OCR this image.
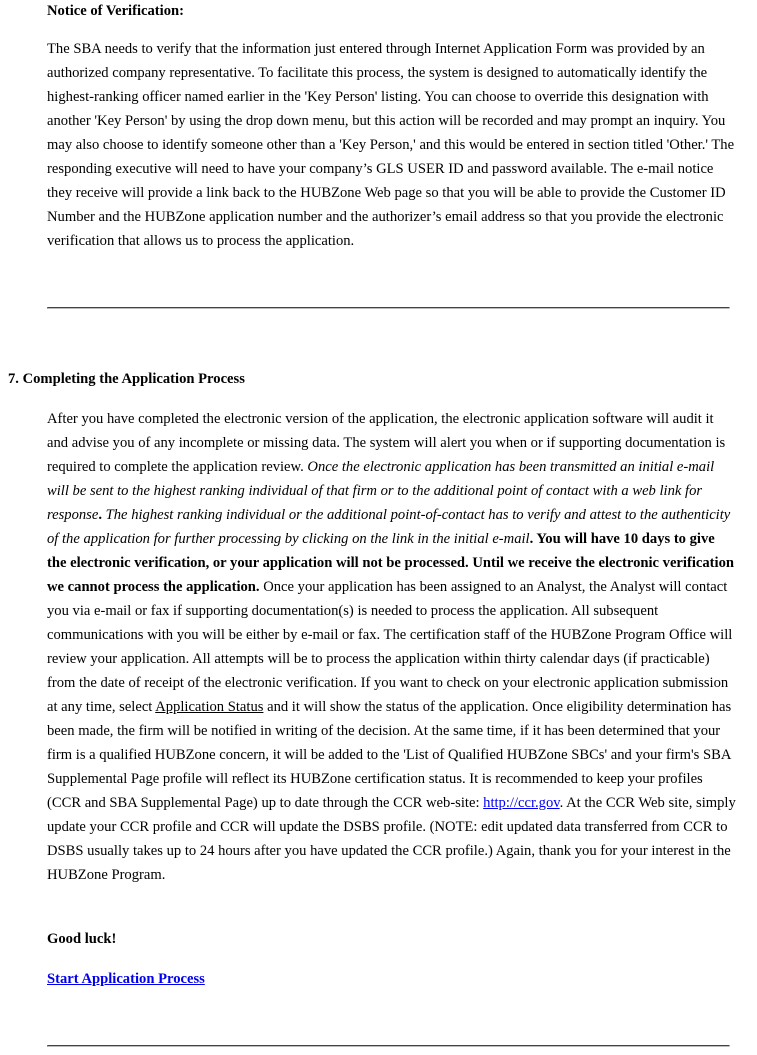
Notice of Verification:

The SBA needs to verify that the information just entered through Internet Application Form was provided by an authorized company representative. To facilitate this process, the system is designed to automatically identify the highest-ranking officer named earlier in the 'Key Person' listing. You can choose to override this designation with another 'Key Person' by using the drop down menu, but this action will be recorded and may prompt an inquiry. You may also choose to identify someone other than a 'Key Person,' and this would be entered in section titled 'Other.' The responding executive will need to have your company’s GLS USER ID and password available. The e-mail notice they receive will provide a link back to the HUBZone Web page so that you will be able to provide the Customer ID Number and the HUBZone application number and the authorizer’s email address so that you provide the electronic verification that allows us to process the application.

7. Completing the Application Process

After you have completed the electronic version of the application, the electronic application software will audit it and advise you of any incomplete or missing data. The system will alert you when or if supporting documentation is required to complete the application review. Once the electronic application has been transmitted an initial e-mail will be sent to the highest ranking individual of that firm or to the additional point of contact with a web link for response. The highest ranking individual or the additional point-of-contact has to verify and attest to the authenticity of the application for further processing by clicking on the link in the initial e-mail. You will have 10 days to give the electronic verification, or your application will not be processed. Until we receive the electronic verification we cannot process the application. Once your application has been assigned to an Analyst, the Analyst will contact you via e-mail or fax if supporting documentation(s) is needed to process the application. All subsequent communications with you will be either by e-mail or fax. The certification staff of the HUBZone Program Office will review your application. All attempts will be to process the application within thirty calendar days (if practicable) from the date of receipt of the electronic verification. If you want to check on your electronic application submission at any time, select Application Status and it will show the status of the application. Once eligibility determination has been made, the firm will be notified in writing of the decision. At the same time, if it has been determined that your firm is a qualified HUBZone concern, it will be added to the 'List of Qualified HUBZone SBCs' and your firm's SBA Supplemental Page profile will reflect its HUBZone certification status. It is recommended to keep your profiles (CCR and SBA Supplemental Page) up to date through the CCR web-site: http://ccr.gov. At the CCR Web site, simply update your CCR profile and CCR will update the DSBS profile. (NOTE: edit updated data transferred from CCR to DSBS usually takes up to 24 hours after you have updated the CCR profile.) Again, thank you for your interest in the HUBZone Program.

Good luck!

Start Application Process
